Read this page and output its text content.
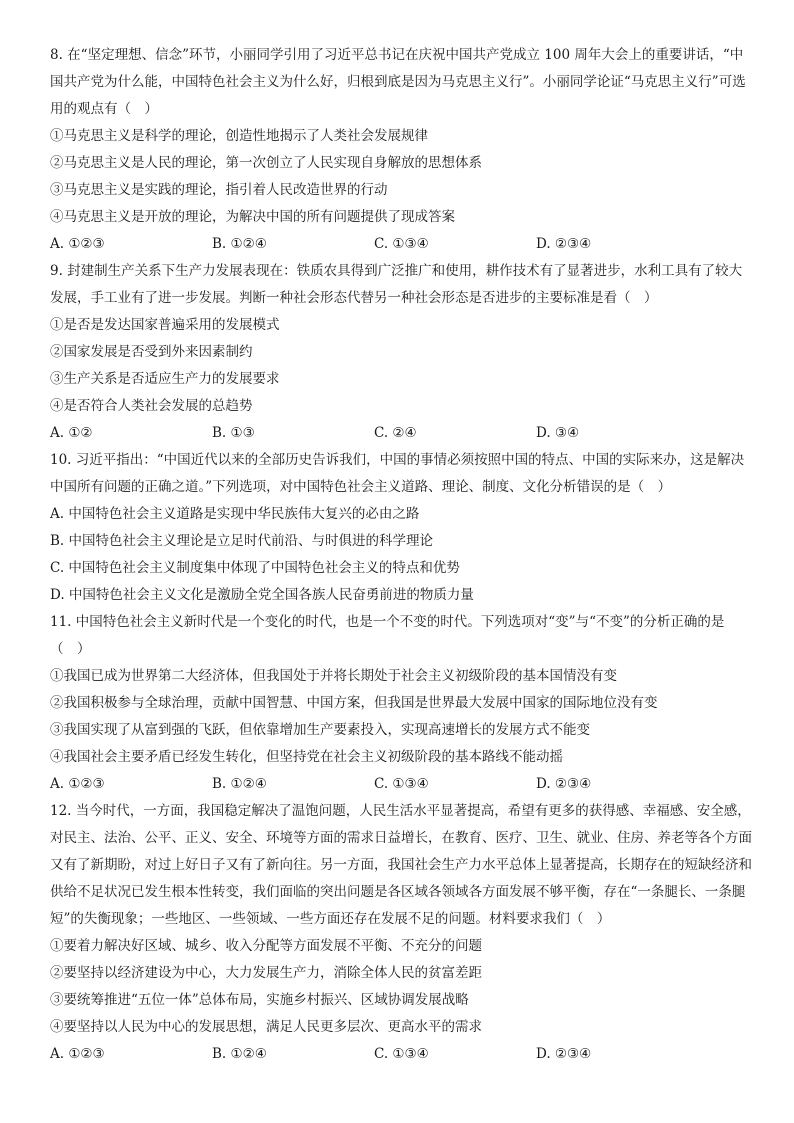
8. 在“坚定理想、信念”环节，小丽同学引用了习近平总书记在庆祝中国共产党成立 100 周年大会上的重要讲话，“中国共产党为什么能，中国特色社会主义为什么好，归根到底是因为马克思主义行”。小丽同学论证“马克思主义行”可选用的观点有（　）
①马克思主义是科学的理论，创造性地揭示了人类社会发展规律
②马克思主义是人民的理论，第一次创立了人民实现自身解放的思想体系
③马克思主义是实践的理论，指引着人民改造世界的行动
④马克思主义是开放的理论，为解决中国的所有问题提供了现成答案
A. ①②③	B. ①②④	C. ①③④	D. ②③④
9. 封建制生产关系下生产力发展表现在：铁质农具得到广泛推广和使用，耕作技术有了显著进步，水利工具有了较大发展，手工业有了进一步发展。判断一种社会形态代替另一种社会形态是否进步的主要标准是看（　）
①是否是发达国家普遍采用的发展模式
②国家发展是否受到外来因素制约
③生产关系是否适应生产力的发展要求
④是否符合人类社会发展的总趋势
A. ①②	B. ①③	C. ②④	D. ③④
10. 习近平指出：“中国近代以来的全部历史告诉我们，中国的事情必须按照中国的特点、中国的实际来办，这是解决中国所有问题的正确之道。”下列选项，对中国特色社会主义道路、理论、制度、文化分析错误的是（　）
A. 中国特色社会主义道路是实现中华民族伟大复兴的必由之路
B. 中国特色社会主义理论是立足时代前沿、与时俱进的科学理论
C. 中国特色社会主义制度集中体现了中国特色社会主义的特点和优势
D. 中国特色社会主义文化是激励全党全国各族人民奋勇前进的物质力量
11. 中国特色社会主义新时代是一个变化的时代，也是一个不变的时代。下列选项对“变”与“不变”的分析正确的是（　）
①我国已成为世界第二大经济体，但我国处于并将长期处于社会主义初级阶段的基本国情没有变
②我国积极参与全球治理，贡献中国智慧、中国方案，但我国是世界最大发展中国家的国际地位没有变
③我国实现了从富到强的飞跃，但依靠增加生产要素投入，实现高速增长的发展方式不能变
④我国社会主要矛盾已经发生转化，但坚持党在社会主义初级阶段的基本路线不能动摇
A. ①②③	B. ①②④	C. ①③④	D. ②③④
12. 当今时代，一方面，我国稳定解决了温饱问题，人民生活水平显著提高，希望有更多的获得感、幸福感、安全感，对民主、法治、公平、正义、安全、环境等方面的需求日益增长，在教育、医疗、卫生、就业、住房、养老等各个方面又有了新期盼，对过上好日子又有了新向往。另一方面，我国社会生产力水平总体上显著提高，长期存在的短缺经济和供给不足状况已发生根本性转变，我们面临的突出问题是各区域各领域各方面发展不够平衡，存在“一条腿长、一条腿短”的失衡现象；一些地区、一些领域、一些方面还存在发展不足的问题。材料要求我们（　）
①要着力解决好区域、城乡、收入分配等方面发展不平衡、不充分的问题
②要坚持以经济建设为中心，大力发展生产力，消除全体人民的贫富差距
③要统筹推进“五位一体”总体布局，实施乡村振兴、区域协调发展战略
④要坚持以人民为中心的发展思想，满足人民更多层次、更高水平的需求
A. ①②③	B. ①②④	C. ①③④	D. ②③④
